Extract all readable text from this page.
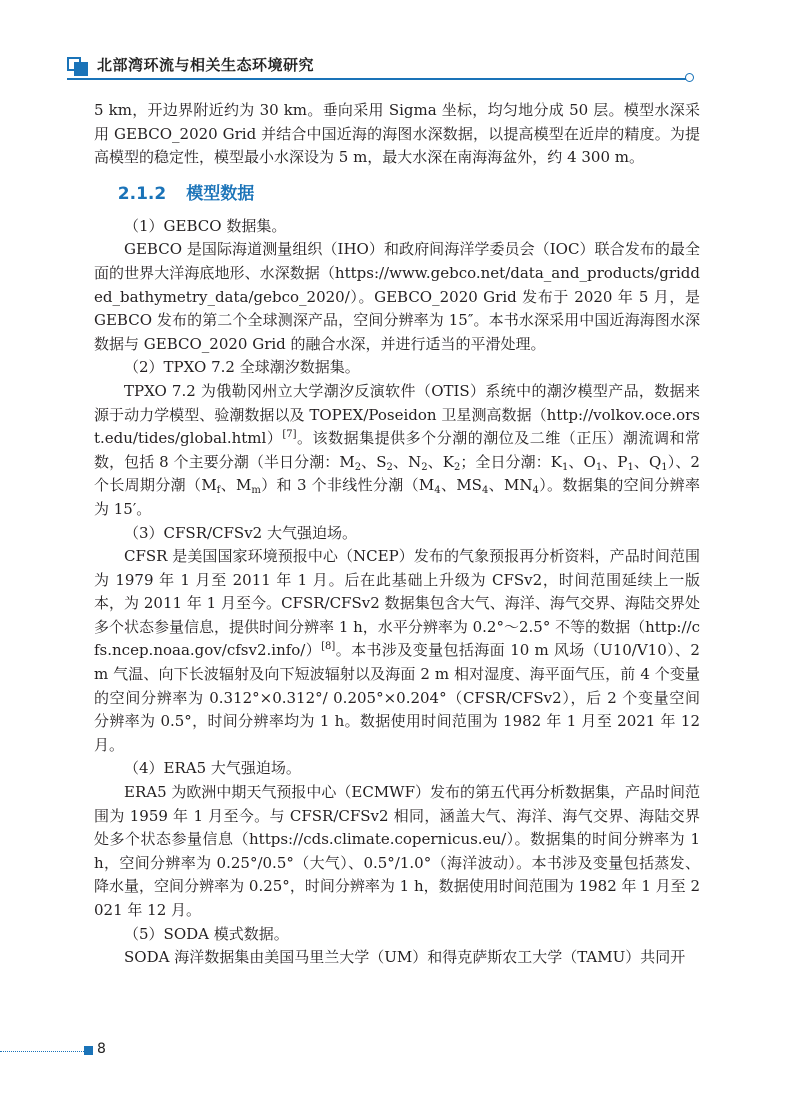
北部湾环流与相关生态环境研究

5 km，开边界附近约为 30 km。垂向采用 Sigma 坐标，均匀地分成 50 层。模型水深采用 GEBCO_2020 Grid 并结合中国近海的海图水深数据，以提高模型在近岸的精度。为提高模型的稳定性，模型最小水深设为 5 m，最大水深在南海海盆外，约 4 300 m。

2.1.2 模型数据

（1）GEBCO 数据集。

GEBCO 是国际海道测量组织（IHO）和政府间海洋学委员会（IOC）联合发布的最全面的世界大洋海底地形、水深数据（https://www.gebco.net/data_and_products/gridded_bathymetry_data/gebco_2020/）。GEBCO_2020 Grid 发布于 2020 年 5 月，是 GEBCO 发布的第二个全球测深产品，空间分辨率为 15″。本书水深采用中国近海海图水深数据与 GEBCO_2020 Grid 的融合水深，并进行适当的平滑处理。

（2）TPXO 7.2 全球潮汐数据集。

TPXO 7.2 为俄勒冈州立大学潮汐反演软件（OTIS）系统中的潮汐模型产品，数据来源于动力学模型、验潮数据以及 TOPEX/Poseidon 卫星测高数据（http://volkov.oce.orst.edu/tides/global.html）[7]。该数据集提供多个分潮的潮位及二维（正压）潮流调和常数，包括 8 个主要分潮（半日分潮：$M_2$、$S_2$、$N_2$、$K_2$；全日分潮：$K_1$、$O_1$、$P_1$、$Q_1$）、2 个长周期分潮（$M_f$、$M_m$）和 3 个非线性分潮（$M_4$、$MS_4$、$MN_4$）。数据集的空间分辨率为 15′。

（3）CFSR/CFSv2 大气强迫场。

CFSR 是美国国家环境预报中心（NCEP）发布的气象预报再分析资料，产品时间范围为 1979 年 1 月至 2011 年 1 月。后在此基础上升级为 CFSv2，时间范围延续上一版本，为 2011 年 1 月至今。CFSR/CFSv2 数据集包含大气、海洋、海气交界、海陆交界处多个状态参量信息，提供时间分辨率 1 h，水平分辨率为 0.2°～2.5° 不等的数据（http://cfs.ncep.noaa.gov/cfsv2.info/）[8]。本书涉及变量包括海面 10 m 风场（U10/V10）、2 m 气温、向下长波辐射及向下短波辐射以及海面 2 m 相对湿度、海平面气压，前 4 个变量的空间分辨率为 0.312°×0.312°/ 0.205°×0.204°（CFSR/CFSv2），后 2 个变量空间分辨率为 0.5°，时间分辨率均为 1 h。数据使用时间范围为 1982 年 1 月至 2021 年 12 月。

（4）ERA5 大气强迫场。

ERA5 为欧洲中期天气预报中心（ECMWF）发布的第五代再分析数据集，产品时间范围为 1959 年 1 月至今。与 CFSR/CFSv2 相同，涵盖大气、海洋、海气交界、海陆交界处多个状态参量信息（https://cds.climate.copernicus.eu/）。数据集的时间分辨率为 1 h，空间分辨率为 0.25°/0.5°（大气）、0.5°/1.0°（海洋波动）。本书涉及变量包括蒸发、降水量，空间分辨率为 0.25°，时间分辨率为 1 h，数据使用时间范围为 1982 年 1 月至 2021 年 12 月。

（5）SODA 模式数据。

SODA 海洋数据集由美国马里兰大学（UM）和得克萨斯农工大学（TAMU）共同开

8
